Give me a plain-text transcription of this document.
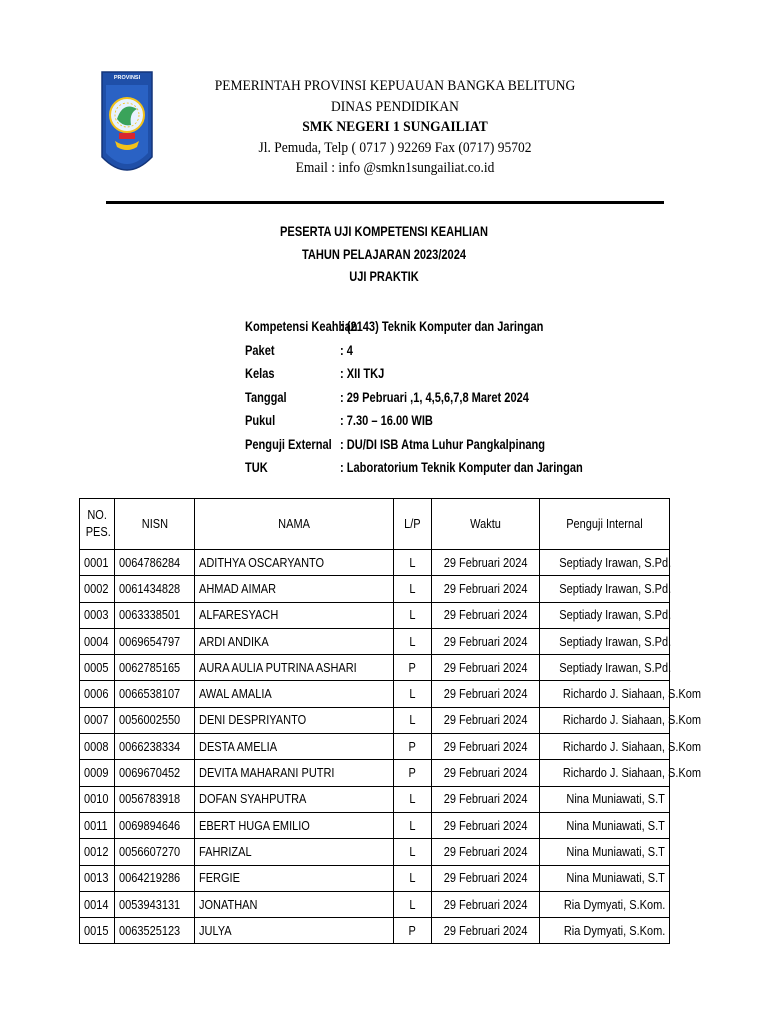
PROVINSI	PEMERINTAH PROVINSI KEPUAUAN BANGKA BELITUNG
DINAS PENDIDIKAN
SMK NEGERI 1 SUNGAILIAT
Jl. Pemuda, Telp ( 0717 ) 92269 Fax (0717) 95702
Email : info @smkn1sungailiat.co.id
PESERTA UJI KOMPETENSI KEAHLIAN
TAHUN PELAJARAN 2023/2024
UJI PRAKTIK
Kompetensi Keahlian
: (2143) Teknik Komputer dan Jaringan
Paket	: 4
Kelas	: XII TKJ
Tanggal	: 29 Pebruari ,1, 4,5,6,7,8 Maret 2024
Pukul	: 7.30 – 16.00 WIB
Penguji External : DU/DI ISB Atma Luhur Pangkalpinang
TUK	: Laboratorium Teknik Komputer dan Jaringan
NO.
PES.	NISN	NAMA	L/P	Waktu	Penguji Internal
0001	0064786284	ADITHYA OSCARYANTO	L	29 Februari 2024	Septiady Irawan, S.Pd.
0002	0061434828	AHMAD AIMAR	L	29 Februari 2024	Septiady Irawan, S.Pd.
0003	0063338501	ALFARESYACH	L	29 Februari 2024	Septiady Irawan, S.Pd.
0004	0069654797	ARDI ANDIKA	L	29 Februari 2024	Septiady Irawan, S.Pd.
0005	0062785165	AURA AULIA PUTRINA ASHARI	P	29 Februari 2024	Septiady Irawan, S.Pd.
0006	0066538107	AWAL AMALIA	L	29 Februari 2024	Richardo J. Siahaan, S.Kom
0007	0056002550	DENI DESPRIYANTO	L	29 Februari 2024	Richardo J. Siahaan, S.Kom
0008	0066238334	DESTA AMELIA	P	29 Februari 2024	Richardo J. Siahaan, S.Kom
0009	0069670452	DEVITA MAHARANI PUTRI	P	29 Februari 2024	Richardo J. Siahaan, S.Kom
0010	0056783918	DOFAN SYAHPUTRA	L	29 Februari 2024	Nina Muniawati, S.T
0011	0069894646	EBERT HUGA EMILIO	L	29 Februari 2024	Nina Muniawati, S.T
0012	0056607270	FAHRIZAL	L	29 Februari 2024	Nina Muniawati, S.T
0013	0064219286	FERGIE	L	29 Februari 2024	Nina Muniawati, S.T
0014	0053943131	JONATHAN	L	29 Februari 2024	Ria Dymyati, S.Kom.
0015	0063525123	JULYA	P	29 Februari 2024	Ria Dymyati, S.Kom.
